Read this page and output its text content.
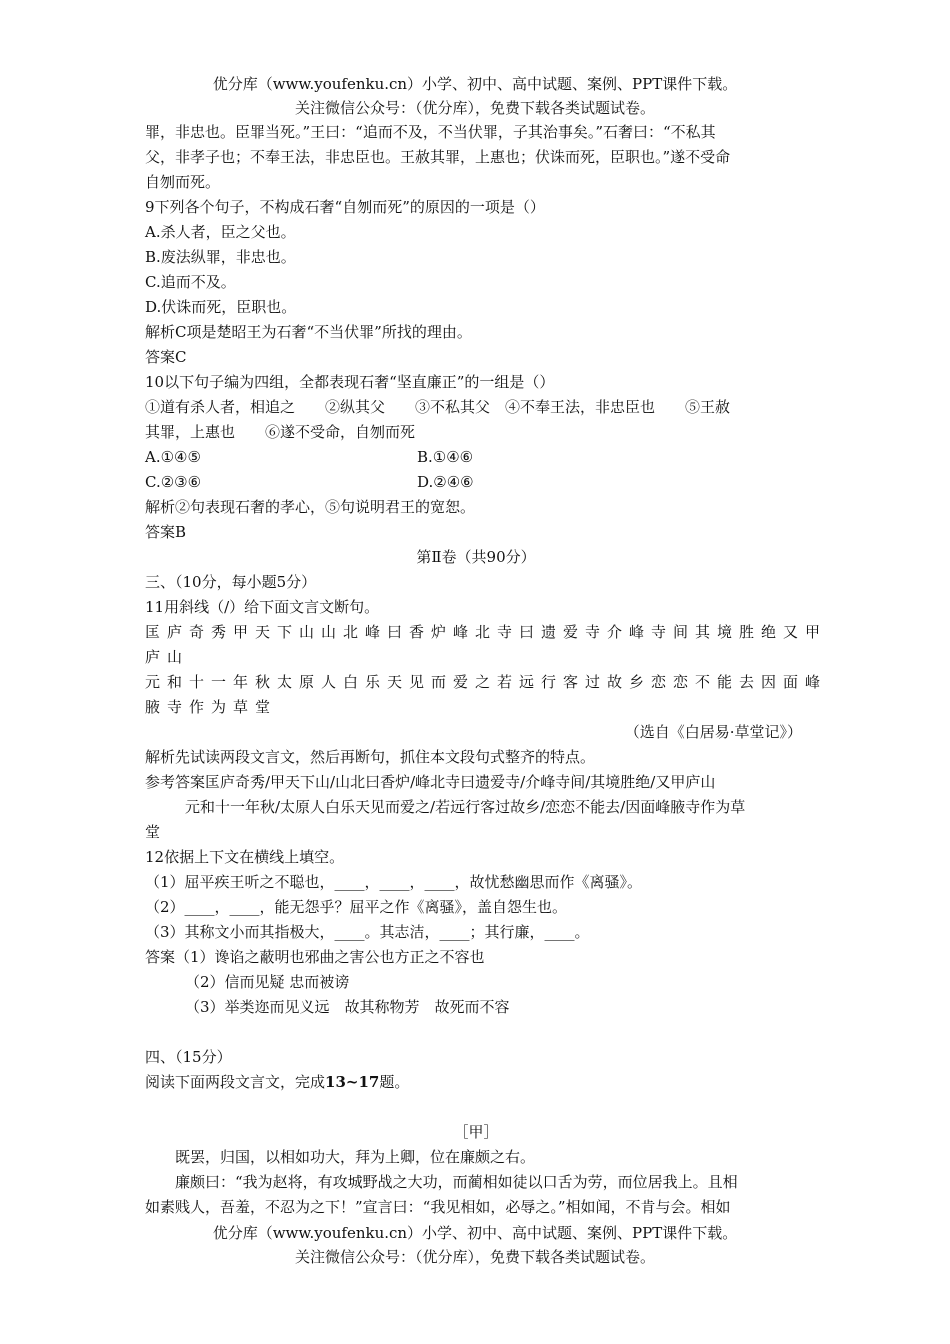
优分库（www.youfenku.cn）小学、初中、高中试题、案例、PPT课件下载。
关注微信公众号：（优分库），免费下载各类试题试卷。
罪，非忠也。臣罪当死。”王曰：“追而不及，不当伏罪，子其治事矣。”石奢曰：“不私其
父，非孝子也；不奉王法，非忠臣也。王赦其罪，上惠也；伏诛而死，臣职也。”遂不受命
自刎而死。
9下列各个句子，不构成石奢“自刎而死”的原因的一项是（）
A.杀人者，臣之父也。
B.废法纵罪，非忠也。
C.追而不及。
D.伏诛而死，臣职也。
解析C项是楚昭王为石奢“不当伏罪”所找的理由。
答案C
10以下句子编为四组，全都表现石奢“坚直廉正”的一组是（）
①道有杀人者，相追之　　②纵其父　　③不私其父　④不奉王法，非忠臣也　　⑤王赦
其罪，上惠也　　⑥遂不受命，自刎而死
A.①④⑤	B.①④⑥
C.②③⑥	D.②④⑥
解析②句表现石奢的孝心，⑤句说明君王的宽恕。
答案B
第Ⅱ卷（共90分）
三、（10分，每小题5分）
11用斜线（/）给下面文言文断句。
匡庐奇秀甲天下山山北峰曰香炉峰北寺曰遗爱寺介峰寺间其境胜绝又甲
庐山
元和十一年秋太原人白乐天见而爱之若远行客过故乡恋恋不能去因面峰
腋寺作为草堂
（选自《白居易·草堂记》）
解析先试读两段文言文，然后再断句，抓住本文段句式整齐的特点。
参考答案匡庐奇秀/甲天下山/山北曰香炉/峰北寺曰遗爱寺/介峰寺间/其境胜绝/又甲庐山
元和十一年秋/太原人白乐天见而爱之/若远行客过故乡/恋恋不能去/因面峰腋寺作为草
堂
12依据上下文在横线上填空。
（1）屈平疾王听之不聪也，____，____，____，故忧愁幽思而作《离骚》。
（2）____，____，能无怨乎？屈平之作《离骚》，盖自怨生也。
（3）其称文小而其指极大，____。其志洁，____；其行廉，____。
答案（1）谗谄之蔽明也邪曲之害公也方正之不容也
（2）信而见疑 忠而被谤
（3）举类迩而见义远　故其称物芳　故死而不容
四、（15分）
阅读下面两段文言文，完成13~17题。
［甲］
既罢，归国，以相如功大，拜为上卿，位在廉颇之右。
廉颇曰：“我为赵将，有攻城野战之大功，而蔺相如徒以口舌为劳，而位居我上。且相
如素贱人，吾羞，不忍为之下！”宣言曰：“我见相如，必辱之。”相如闻，不肯与会。相如
优分库（www.youfenku.cn）小学、初中、高中试题、案例、PPT课件下载。
关注微信公众号：（优分库），免费下载各类试题试卷。
